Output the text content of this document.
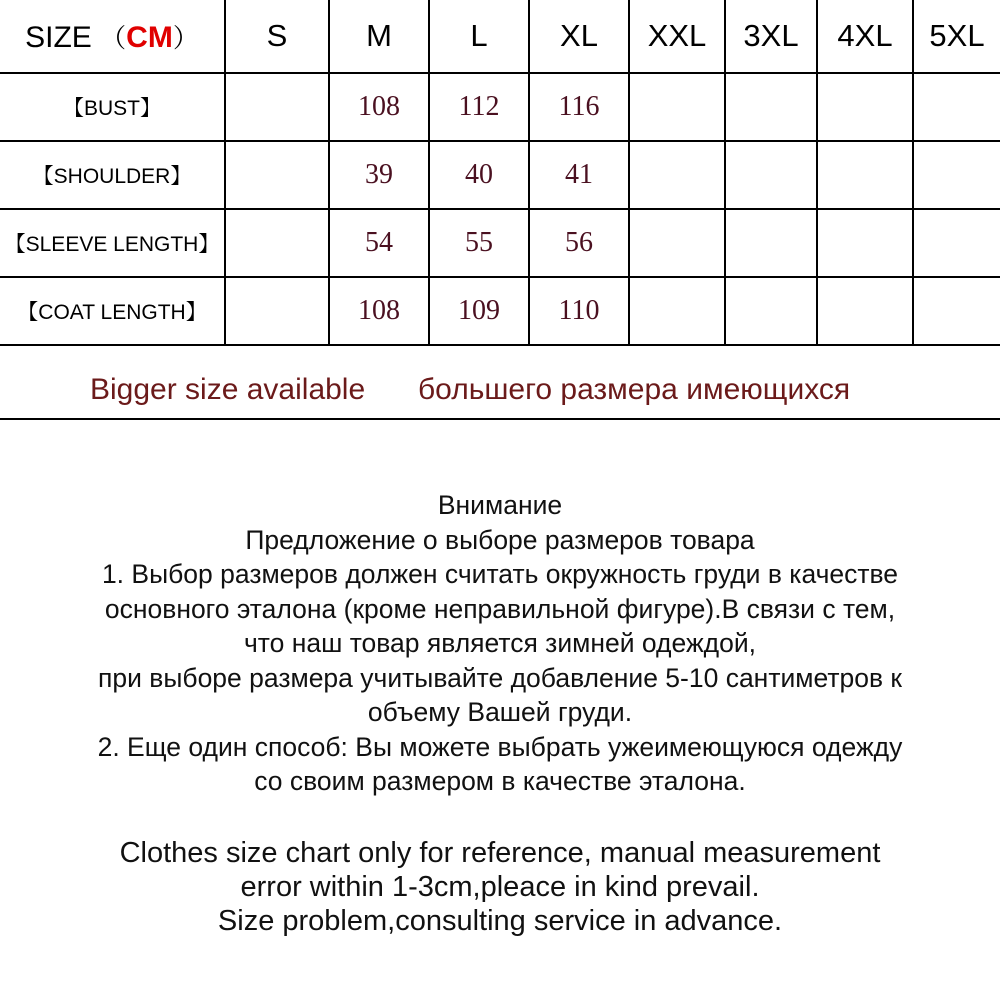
SIZE （CM）	S	M	L	XL	XXL	3XL	4XL	5XL
【BUST】		108	112	116				
【SHOULDER】		39	40	41				
【SLEEVE LENGTH】		54	55	56				
【COAT LENGTH】		108	109	110				
Bigger size available большего размера имеющихся
Внимание
Предложение о выборе размеров товара
1. Выбор размеров должен считать окружность груди в качестве
основного эталона (кроме неправильной фигуре).В связи с тем,
что наш товар является зимней одеждой,
при выборе размера учитывайте добавление 5-10 сантиметров к
объему Вашей груди.
2. Еще один способ: Вы можете выбрать ужеимеющуюся одежду
со своим размером в качестве эталона.
Clothes size chart only for reference, manual measurement
error within 1-3cm,pleace in kind prevail.
Size problem,consulting service in advance.
